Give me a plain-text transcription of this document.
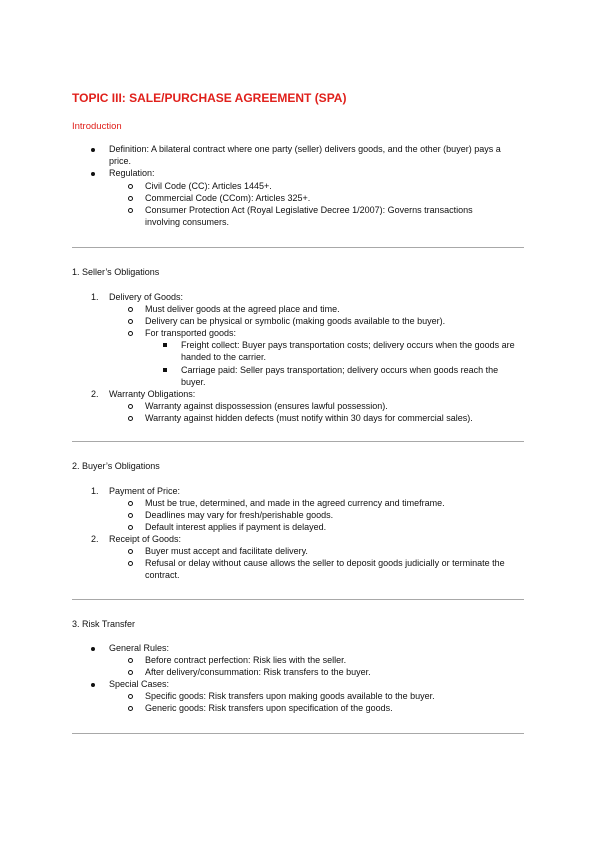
TOPIC III: SALE/PURCHASE AGREEMENT (SPA)
Introduction
Definition: A bilateral contract where one party (seller) delivers goods, and the other (buyer) pays a
price.
Regulation:
Civil Code (CC): Articles 1445+.
Commercial Code (CCom): Articles 325+.
Consumer Protection Act (Royal Legislative Decree 1/2007): Governs transactions
involving consumers.
1. Seller’s Obligations
1. Delivery of Goods:
Must deliver goods at the agreed place and time.
Delivery can be physical or symbolic (making goods available to the buyer).
For transported goods:
Freight collect: Buyer pays transportation costs; delivery occurs when the goods are
handed to the carrier.
Carriage paid: Seller pays transportation; delivery occurs when goods reach the
buyer.
2. Warranty Obligations:
Warranty against dispossession (ensures lawful possession).
Warranty against hidden defects (must notify within 30 days for commercial sales).
2. Buyer’s Obligations
1. Payment of Price:
Must be true, determined, and made in the agreed currency and timeframe.
Deadlines may vary for fresh/perishable goods.
Default interest applies if payment is delayed.
2. Receipt of Goods:
Buyer must accept and facilitate delivery.
Refusal or delay without cause allows the seller to deposit goods judicially or terminate the
contract.
3. Risk Transfer
General Rules:
Before contract perfection: Risk lies with the seller.
After delivery/consummation: Risk transfers to the buyer.
Special Cases:
Specific goods: Risk transfers upon making goods available to the buyer.
Generic goods: Risk transfers upon specification of the goods.
